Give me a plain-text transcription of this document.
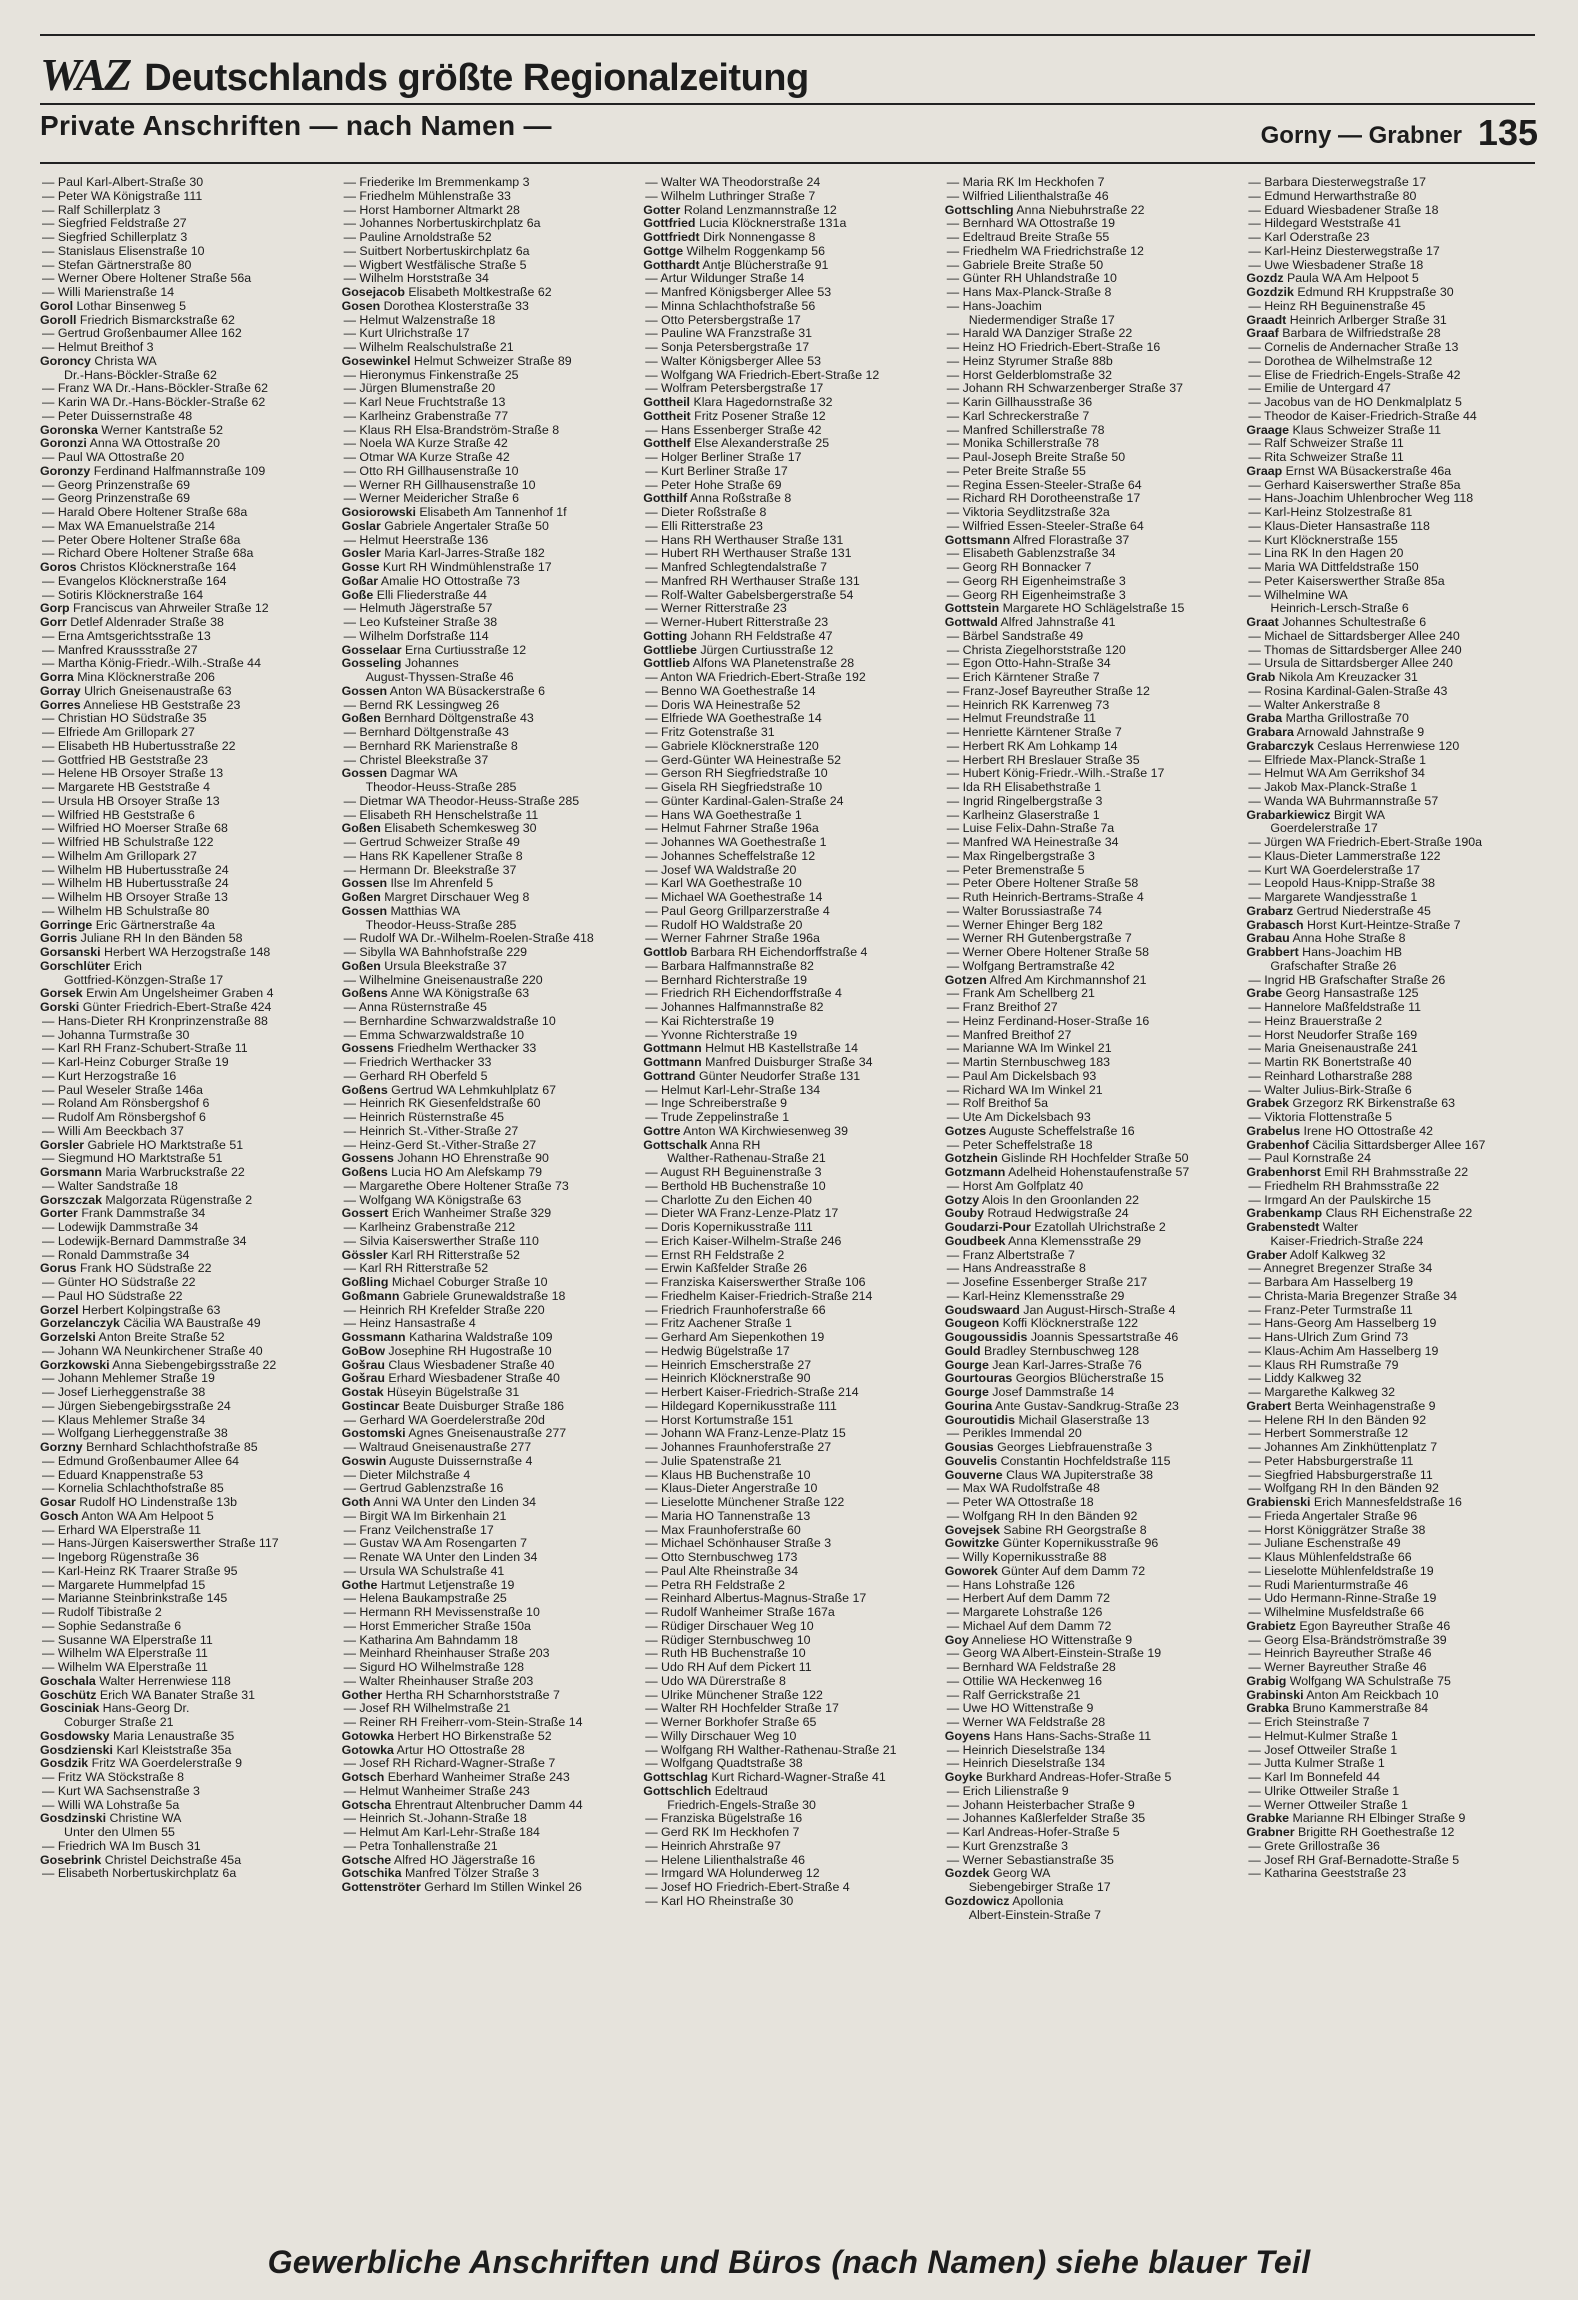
WAZ Deutschlands größte Regionalzeitung
Private Anschriften — nach Namen —	Gorny — Grabner 135
— Paul Karl-Albert-Straße 30
— Peter WA Königstraße 111
— Ralf Schillerplatz 3
— Siegfried Feldstraße 27
— Siegfried Schillerplatz 3
— Stanislaus Elisenstraße 10
— Stefan Gärtnerstraße 80
— Werner Obere Holtener Straße 56a
— Willi Marienstraße 14
Gorol Lothar Binsenweg 5
Goroll Friedrich Bismarckstraße 62
— Gertrud Großenbaumer Allee 162
— Helmut Breithof 3
Goroncy Christa WA
Dr.-Hans-Böckler-Straße 62
— Franz WA Dr.-Hans-Böckler-Straße 62
— Karin WA Dr.-Hans-Böckler-Straße 62
— Peter Duissernstraße 48
Goronska Werner Kantstraße 52
Goronzi Anna WA Ottostraße 20
— Paul WA Ottostraße 20
Goronzy Ferdinand Halfmannstraße 109
— Georg Prinzenstraße 69
— Georg Prinzenstraße 69
— Harald Obere Holtener Straße 68a
— Max WA Emanuelstraße 214
— Peter Obere Holtener Straße 68a
— Richard Obere Holtener Straße 68a
Goros Christos Klöcknerstraße 164
— Evangelos Klöcknerstraße 164
— Sotiris Klöcknerstraße 164
Gorp Franciscus van Ahrweiler Straße 12
Gorr Detlef Aldenrader Straße 38
— Erna Amtsgerichtsstraße 13
— Manfred Kraussstraße 27
— Martha König-Friedr.-Wilh.-Straße 44
Gorra Mina Klöcknerstraße 206
Gorray Ulrich Gneisenaustraße 63
Gorres Anneliese HB Geststraße 23
— Christian HO Südstraße 35
— Elfriede Am Grillopark 27
— Elisabeth HB Hubertusstraße 22
— Gottfried HB Geststraße 23
— Helene HB Orsoyer Straße 13
— Margarete HB Geststraße 4
— Ursula HB Orsoyer Straße 13
— Wilfried HB Geststraße 6
— Wilfried HO Moerser Straße 68
— Wilfried HB Schulstraße 122
— Wilhelm Am Grillopark 27
— Wilhelm HB Hubertusstraße 24
— Wilhelm HB Hubertusstraße 24
— Wilhelm HB Orsoyer Straße 13
— Wilhelm HB Schulstraße 80
Gorringe Eric Gärtnerstraße 4a
Gorris Juliane RH In den Bänden 58
Gorsanski Herbert WA Herzogstraße 148
Gorschlüter Erich
Gottfried-Könzgen-Straße 17
Gorsek Erwin Am Ungelsheimer Graben 4
Gorski Günter Friedrich-Ebert-Straße 424
— Hans-Dieter RH Kronprinzenstraße 88
— Johanna Turmstraße 30
— Karl RH Franz-Schubert-Straße 11
— Karl-Heinz Coburger Straße 19
— Kurt Herzogstraße 16
— Paul Weseler Straße 146a
— Roland Am Rönsbergshof 6
— Rudolf Am Rönsbergshof 6
— Willi Am Beeckbach 37
Gorsler Gabriele HO Marktstraße 51
— Siegmund HO Marktstraße 51
Gorsmann Maria Warbruckstraße 22
— Walter Sandstraße 18
Gorszczak Malgorzata Rügenstraße 2
Gorter Frank Dammstraße 34
— Lodewijk Dammstraße 34
— Lodewijk-Bernard Dammstraße 34
— Ronald Dammstraße 34
Gorus Frank HO Südstraße 22
— Günter HO Südstraße 22
— Paul HO Südstraße 22
Gorzel Herbert Kolpingstraße 63
Gorzelanczyk Cäcilia WA Baustraße 49
Gorzelski Anton Breite Straße 52
— Johann WA Neunkirchener Straße 40
Gorzkowski Anna Siebengebirgsstraße 22
— Johann Mehlemer Straße 19
— Josef Lierheggenstraße 38
— Jürgen Siebengebirgsstraße 24
— Klaus Mehlemer Straße 34
— Wolfgang Lierheggenstraße 38
Gorzny Bernhard Schlachthofstraße 85
— Edmund Großenbaumer Allee 64
— Eduard Knappenstraße 53
— Kornelia Schlachthofstraße 85
Gosar Rudolf HO Lindenstraße 13b
Gosch Anton WA Am Helpoot 5
— Erhard WA Elperstraße 11
— Hans-Jürgen Kaiserswerther Straße 117
— Ingeborg Rügenstraße 36
— Karl-Heinz RK Traarer Straße 95
— Margarete Hummelpfad 15
— Marianne Steinbrinkstraße 145
— Rudolf Tibistraße 2
— Sophie Sedanstraße 6
— Susanne WA Elperstraße 11
— Wilhelm WA Elperstraße 11
— Wilhelm WA Elperstraße 11
Goschala Walter Herrenwiese 118
Goschütz Erich WA Banater Straße 31
Gosciniak Hans-Georg Dr.
Coburger Straße 21
Gosdowsky Maria Lenaustraße 35
Gosdzienski Karl Kleiststraße 35a
Gosdzik Fritz WA Goerdelerstraße 9
— Fritz WA Stöckstraße 8
— Kurt WA Sachsenstraße 3
— Willi WA Lohstraße 5a
Gosdzinski Christine WA
Unter den Ulmen 55
— Friedrich WA Im Busch 31
Gosebrink Christel Deichstraße 45a
— Elisabeth Norbertuskirchplatz 6a
— Friederike Im Bremmenkamp 3
— Friedhelm Mühlenstraße 33
— Horst Hamborner Altmarkt 28
— Johannes Norbertuskirchplatz 6a
— Pauline Arnoldstraße 52
— Suitbert Norbertuskirchplatz 6a
— Wigbert Westfälische Straße 5
— Wilhelm Horststraße 34
Gosejacob Elisabeth Moltkestraße 62
Gosen Dorothea Klosterstraße 33
— Helmut Walzenstraße 18
— Kurt Ulrichstraße 17
— Wilhelm Realschulstraße 21
Gosewinkel Helmut Schweizer Straße 89
— Hieronymus Finkenstraße 25
— Jürgen Blumenstraße 20
— Karl Neue Fruchtstraße 13
— Karlheinz Grabenstraße 77
— Klaus RH Elsa-Brandström-Straße 8
— Noela WA Kurze Straße 42
— Otmar WA Kurze Straße 42
— Otto RH Gillhausenstraße 10
— Werner RH Gillhausenstraße 10
— Werner Meidericher Straße 6
Gosiorowski Elisabeth Am Tannenhof 1f
Goslar Gabriele Angertaler Straße 50
— Helmut Heerstraße 136
Gosler Maria Karl-Jarres-Straße 182
Gosse Kurt RH Windmühlenstraße 17
Goßar Amalie HO Ottostraße 73
Goße Elli Fliederstraße 44
— Helmuth Jägerstraße 57
— Leo Kufsteiner Straße 38
— Wilhelm Dorfstraße 114
Gosselaar Erna Curtiusstraße 12
Gosseling Johannes
August-Thyssen-Straße 46
Gossen Anton WA Büsackerstraße 6
— Bernd RK Lessingweg 26
Goßen Bernhard Döltgenstraße 43
— Bernhard Döltgenstraße 43
— Bernhard RK Marienstraße 8
— Christel Bleekstraße 37
Gossen Dagmar WA
Theodor-Heuss-Straße 285
— Dietmar WA Theodor-Heuss-Straße 285
— Elisabeth RH Henschelstraße 11
Goßen Elisabeth Schemkesweg 30
— Gertrud Schweizer Straße 49
— Hans RK Kapellener Straße 8
— Hermann Dr. Bleekstraße 37
Gossen Ilse Im Ahrenfeld 5
Goßen Margret Dirschauer Weg 8
Gossen Matthias WA
Theodor-Heuss-Straße 285
— Rudolf WA Dr.-Wilhelm-Roelen-Straße 418
— Sibylla WA Bahnhofstraße 229
Goßen Ursula Bleekstraße 37
— Wilhelmine Gneisenaustraße 220
Goßens Anne WA Königstraße 63
— Anna Rüsternstraße 45
— Bernhardine Schwarzwaldstraße 10
— Emma Schwarzwaldstraße 10
Gossens Friedhelm Werthacker 33
— Friedrich Werthacker 33
— Gerhard RH Oberfeld 5
Goßens Gertrud WA Lehmkuhlplatz 67
— Heinrich RK Giesenfeldstraße 60
— Heinrich Rüsternstraße 45
— Heinrich St.-Vither-Straße 27
— Heinz-Gerd St.-Vither-Straße 27
Gossens Johann HO Ehrenstraße 90
Goßens Lucia HO Am Alefskamp 79
— Margarethe Obere Holtener Straße 73
— Wolfgang WA Königstraße 63
Gossert Erich Wanheimer Straße 329
— Karlheinz Grabenstraße 212
— Silvia Kaiserswerther Straße 110
Gössler Karl RH Ritterstraße 52
— Karl RH Ritterstraße 52
Goßling Michael Coburger Straße 10
Goßmann Gabriele Grunewaldstraße 18
— Heinrich RH Krefelder Straße 220
— Heinz Hansastraße 4
Gossmann Katharina Waldstraße 109
GoBow Josephine RH Hugostraße 10
Gošrau Claus Wiesbadener Straße 40
Gošrau Erhard Wiesbadener Straße 40
Gostak Hüseyin Bügelstraße 31
Gostincar Beate Duisburger Straße 186
— Gerhard WA Goerdelerstraße 20d
Gostomski Agnes Gneisenaustraße 277
— Waltraud Gneisenaustraße 277
Goswin Auguste Duissernstraße 4
— Dieter Milchstraße 4
— Gertrud Gablenzstraße 16
Goth Anni WA Unter den Linden 34
— Birgit WA Im Birkenhain 21
— Franz Veilchenstraße 17
— Gustav WA Am Rosengarten 7
— Renate WA Unter den Linden 34
— Ursula WA Schulstraße 41
Gothe Hartmut Letjenstraße 19
— Helena Baukampstraße 25
— Hermann RH Mevissenstraße 10
— Horst Emmericher Straße 150a
— Katharina Am Bahndamm 18
— Meinhard Rheinhauser Straße 203
— Sigurd HO Wilhelmstraße 128
— Walter Rheinhauser Straße 203
Gother Hertha RH Scharnhorststraße 7
— Josef RH Wilhelmstraße 21
— Reiner RH Freiherr-vom-Stein-Straße 14
Gotowka Herbert HO Birkenstraße 52
Gotowka Artur HO Ottostraße 28
— Josef RH Richard-Wagner-Straße 7
Gotsch Eberhard Wanheimer Straße 243
— Helmut Wanheimer Straße 243
Gotscha Ehrentraut Altenbrucher Damm 44
— Heinrich St.-Johann-Straße 18
— Helmut Am Karl-Lehr-Straße 184
— Petra Tonhallenstraße 21
Gotsche Alfred HO Jägerstraße 16
Gotschika Manfred Tölzer Straße 3
Gottenströter Gerhard Im Stillen Winkel 26
— Walter WA Theodorstraße 24
— Wilhelm Luthringer Straße 7
Gotter Roland Lenzmannstraße 12
Gottfried Lucia Klöcknerstraße 131a
Gottfriedt Dirk Nonnengasse 8
Gottge Wilhelm Roggenkamp 56
Gotthardt Antje Blücherstraße 91
— Artur Wildunger Straße 14
— Manfred Königsberger Allee 53
— Minna Schlachthofstraße 56
— Otto Petersbergstraße 17
— Pauline WA Franzstraße 31
— Sonja Petersbergstraße 17
— Walter Königsberger Allee 53
— Wolfgang WA Friedrich-Ebert-Straße 12
— Wolfram Petersbergstraße 17
Gottheil Klara Hagedornstraße 32
Gottheit Fritz Posener Straße 12
— Hans Essenberger Straße 42
Gotthelf Else Alexanderstraße 25
— Holger Berliner Straße 17
— Kurt Berliner Straße 17
— Peter Hohe Straße 69
Gotthilf Anna Roßstraße 8
— Dieter Roßstraße 8
— Elli Ritterstraße 23
— Hans RH Werthauser Straße 131
— Hubert RH Werthauser Straße 131
— Manfred Schlegtendalstraße 7
— Manfred RH Werthauser Straße 131
— Rolf-Walter Gabelsbergerstraße 54
— Werner Ritterstraße 23
— Werner-Hubert Ritterstraße 23
Gotting Johann RH Feldstraße 47
Gottliebe Jürgen Curtiusstraße 12
Gottlieb Alfons WA Planetenstraße 28
— Anton WA Friedrich-Ebert-Straße 192
— Benno WA Goethestraße 14
— Doris WA Heinestraße 52
— Elfriede WA Goethestraße 14
— Fritz Gotenstraße 31
— Gabriele Klöcknerstraße 120
— Gerd-Günter WA Heinestraße 52
— Gerson RH Siegfriedstraße 10
— Gisela RH Siegfriedstraße 10
— Günter Kardinal-Galen-Straße 24
— Hans WA Goethestraße 1
— Helmut Fahrner Straße 196a
— Johannes WA Goethestraße 1
— Johannes Scheffelstraße 12
— Josef WA Waldstraße 20
— Karl WA Goethestraße 10
— Michael WA Goethestraße 14
— Paul Georg Grillparzerstraße 4
— Rudolf HO Waldstraße 20
— Werner Fahrner Straße 196a
Gottlob Barbara RH Eichendorffstraße 4
— Barbara Halfmannstraße 82
— Bernhard Richterstraße 19
— Friedrich RH Eichendorffstraße 4
— Johannes Halfmannstraße 82
— Kai Richterstraße 19
— Yvonne Richterstraße 19
Gottmann Helmut HB Kastellstraße 14
Gottmann Manfred Duisburger Straße 34
Gottrand Günter Neudorfer Straße 131
— Helmut Karl-Lehr-Straße 134
— Inge Schreiberstraße 9
— Trude Zeppelinstraße 1
Gottre Anton WA Kirchwiesenweg 39
Gottschalk Anna RH
Walther-Rathenau-Straße 21
— August RH Beguinenstraße 3
— Berthold HB Buchenstraße 10
— Charlotte Zu den Eichen 40
— Dieter WA Franz-Lenze-Platz 17
— Doris Kopernikusstraße 111
— Erich Kaiser-Wilhelm-Straße 246
— Ernst RH Feldstraße 2
— Erwin Kaßfelder Straße 26
— Franziska Kaiserswerther Straße 106
— Friedhelm Kaiser-Friedrich-Straße 214
— Friedrich Fraunhoferstraße 66
— Fritz Aachener Straße 1
— Gerhard Am Siepenkothen 19
— Hedwig Bügelstraße 17
— Heinrich Emscherstraße 27
— Heinrich Klöcknerstraße 90
— Herbert Kaiser-Friedrich-Straße 214
— Hildegard Kopernikusstraße 111
— Horst Kortumstraße 151
— Johann WA Franz-Lenze-Platz 15
— Johannes Fraunhoferstraße 27
— Julie Spatenstraße 21
— Klaus HB Buchenstraße 10
— Klaus-Dieter Angerstraße 10
— Lieselotte Münchener Straße 122
— Maria HO Tannenstraße 13
— Max Fraunhoferstraße 60
— Michael Schönhauser Straße 3
— Otto Sternbuschweg 173
— Paul Alte Rheinstraße 34
— Petra RH Feldstraße 2
— Reinhard Albertus-Magnus-Straße 17
— Rudolf Wanheimer Straße 167a
— Rüdiger Dirschauer Weg 10
— Rüdiger Sternbuschweg 10
— Ruth HB Buchenstraße 10
— Udo RH Auf dem Pickert 11
— Udo WA Dürerstraße 8
— Ulrike Münchener Straße 122
— Walter RH Hochfelder Straße 17
— Werner Borkhofer Straße 65
— Willy Dirschauer Weg 10
— Wolfgang RH Walther-Rathenau-Straße 21
— Wolfgang Quadtstraße 38
Gottschlag Kurt Richard-Wagner-Straße 41
Gottschlich Edeltraud
Friedrich-Engels-Straße 30
— Franziska Bügelstraße 16
— Gerd RK Im Heckhofen 7
— Heinrich Ahrstraße 97
— Helene Lilienthalstraße 46
— Irmgard WA Holunderweg 12
— Josef HO Friedrich-Ebert-Straße 4
— Karl HO Rheinstraße 30
— Maria RK Im Heckhofen 7
— Wilfried Lilienthalstraße 46
Gottschling Anna Niebuhrstraße 22
— Bernhard WA Ottostraße 19
— Edeltraud Breite Straße 55
— Friedhelm WA Friedrichstraße 12
— Gabriele Breite Straße 50
— Günter RH Uhlandstraße 10
— Hans Max-Planck-Straße 8
— Hans-Joachim
Niedermendiger Straße 17
— Harald WA Danziger Straße 22
— Heinz HO Friedrich-Ebert-Straße 16
— Heinz Styrumer Straße 88b
— Horst Gelderblomstraße 32
— Johann RH Schwarzenberger Straße 37
— Karin Gillhausstraße 36
— Karl Schreckerstraße 7
— Manfred Schillerstraße 78
— Monika Schillerstraße 78
— Paul-Joseph Breite Straße 50
— Peter Breite Straße 55
— Regina Essen-Steeler-Straße 64
— Richard RH Dorotheenstraße 17
— Viktoria Seydlitzstraße 32a
— Wilfried Essen-Steeler-Straße 64
Gottsmann Alfred Florastraße 37
— Elisabeth Gablenzstraße 34
— Georg RH Bonnacker 7
— Georg RH Eigenheimstraße 3
— Georg RH Eigenheimstraße 3
Gottstein Margarete HO Schlägelstraße 15
Gottwald Alfred Jahnstraße 41
— Bärbel Sandstraße 49
— Christa Ziegelhorststraße 120
— Egon Otto-Hahn-Straße 34
— Erich Kärntener Straße 7
— Franz-Josef Bayreuther Straße 12
— Heinrich RK Karrenweg 73
— Helmut Freundstraße 11
— Henriette Kärntener Straße 7
— Herbert RK Am Lohkamp 14
— Herbert RH Breslauer Straße 35
— Hubert König-Friedr.-Wilh.-Straße 17
— Ida RH Elisabethstraße 1
— Ingrid Ringelbergstraße 3
— Karlheinz Glaserstraße 1
— Luise Felix-Dahn-Straße 7a
— Manfred WA Heinestraße 34
— Max Ringelbergstraße 3
— Peter Bremenstraße 5
— Peter Obere Holtener Straße 58
— Ruth Heinrich-Bertrams-Straße 4
— Walter Borussiastraße 74
— Werner Ehinger Berg 182
— Werner RH Gutenbergstraße 7
— Werner Obere Holtener Straße 58
— Wolfgang Bertramstraße 42
Gotzen Alfred Am Kirchmannshof 21
— Frank Am Schellberg 21
— Franz Breithof 27
— Heinz Ferdinand-Hoser-Straße 16
— Manfred Breithof 27
— Marianne WA Im Winkel 21
— Martin Sternbuschweg 183
— Paul Am Dickelsbach 93
— Richard WA Im Winkel 21
— Rolf Breithof 5a
— Ute Am Dickelsbach 93
Gotzes Auguste Scheffelstraße 16
— Peter Scheffelstraße 18
Gotzhein Gislinde RH Hochfelder Straße 50
Gotzmann Adelheid Hohenstaufenstraße 57
— Horst Am Golfplatz 40
Gotzy Alois In den Groonlanden 22
Gouby Rotraud Hedwigstraße 24
Goudarzi-Pour Ezatollah Ulrichstraße 2
Goudbeek Anna Klemensstraße 29
— Franz Albertstraße 7
— Hans Andreasstraße 8
— Josefine Essenberger Straße 217
— Karl-Heinz Klemensstraße 29
Goudswaard Jan August-Hirsch-Straße 4
Gougeon Koffi Klöcknerstraße 122
Gougoussidis Joannis Spessartstraße 46
Gould Bradley Sternbuschweg 128
Gourge Jean Karl-Jarres-Straße 76
Gourtouras Georgios Blücherstraße 15
Gourge Josef Dammstraße 14
Gourina Ante Gustav-Sandkrug-Straße 23
Gouroutidis Michail Glaserstraße 13
— Perikles Immendal 20
Gousias Georges Liebfrauenstraße 3
Gouvelis Constantin Hochfeldstraße 115
Gouverne Claus WA Jupiterstraße 38
— Max WA Rudolfstraße 48
— Peter WA Ottostraße 18
— Wolfgang RH In den Bänden 92
Govejsek Sabine RH Georgstraße 8
Gowitzke Günter Kopernikusstraße 96
— Willy Kopernikusstraße 88
Goworek Günter Auf dem Damm 72
— Hans Lohstraße 126
— Herbert Auf dem Damm 72
— Margarete Lohstraße 126
— Michael Auf dem Damm 72
Goy Anneliese HO Wittenstraße 9
— Georg WA Albert-Einstein-Straße 19
— Bernhard WA Feldstraße 28
— Ottilie WA Heckenweg 16
— Ralf Gerrickstraße 21
— Uwe HO Wittenstraße 9
— Werner WA Feldstraße 28
Goyens Hans Hans-Sachs-Straße 11
— Heinrich Dieselstraße 134
— Heinrich Dieselstraße 134
Goyke Burkhard Andreas-Hofer-Straße 5
— Erich Lilienstraße 9
— Johann Heisterbacher Straße 9
— Johannes Kaßlerfelder Straße 35
— Karl Andreas-Hofer-Straße 5
— Kurt Grenzstraße 3
— Werner Sebastianstraße 35
Gozdek Georg WA
Siebengebirger Straße 17
Gozdowicz Apollonia
Albert-Einstein-Straße 7
— Barbara Diesterwegstraße 17
— Edmund Herwarthstraße 80
— Eduard Wiesbadener Straße 18
— Hildegard Weststraße 41
— Karl Oderstraße 23
— Karl-Heinz Diesterwegstraße 17
— Uwe Wiesbadener Straße 18
Gozdz Paula WA Am Helpoot 5
Gozdzik Edmund RH Kruppstraße 30
— Heinz RH Beguinenstraße 45
Graadt Heinrich Arlberger Straße 31
Graaf Barbara de Wilfriedstraße 28
— Cornelis de Andernacher Straße 13
— Dorothea de Wilhelmstraße 12
— Elise de Friedrich-Engels-Straße 42
— Emilie de Untergard 47
— Jacobus van de HO Denkmalplatz 5
— Theodor de Kaiser-Friedrich-Straße 44
Graage Klaus Schweizer Straße 11
— Ralf Schweizer Straße 11
— Rita Schweizer Straße 11
Graap Ernst WA Büsackerstraße 46a
— Gerhard Kaiserswerther Straße 85a
— Hans-Joachim Uhlenbrocher Weg 118
— Karl-Heinz Stolzestraße 81
— Klaus-Dieter Hansastraße 118
— Kurt Klöcknerstraße 155
— Lina RK In den Hagen 20
— Maria WA Dittfeldstraße 150
— Peter Kaiserswerther Straße 85a
— Wilhelmine WA
Heinrich-Lersch-Straße 6
Graat Johannes Schultestraße 6
— Michael de Sittardsberger Allee 240
— Thomas de Sittardsberger Allee 240
— Ursula de Sittardsberger Allee 240
Grab Nikola Am Kreuzacker 31
— Rosina Kardinal-Galen-Straße 43
— Walter Ankerstraße 8
Graba Martha Grillostraße 70
Grabara Arnowald Jahnstraße 9
Grabarczyk Ceslaus Herrenwiese 120
— Elfriede Max-Planck-Straße 1
— Helmut WA Am Gerrikshof 34
— Jakob Max-Planck-Straße 1
— Wanda WA Buhrmannstraße 57
Grabarkiewicz Birgit WA
Goerdelerstraße 17
— Jürgen WA Friedrich-Ebert-Straße 190a
— Klaus-Dieter Lammerstraße 122
— Kurt WA Goerdelerstraße 17
— Leopold Haus-Knipp-Straße 38
— Margarete Wandjesstraße 1
Grabarz Gertrud Niederstraße 45
Grabasch Horst Kurt-Heintze-Straße 7
Grabau Anna Hohe Straße 8
Grabbert Hans-Joachim HB
Grafschafter Straße 26
— Ingrid HB Grafschafter Straße 26
Grabe Georg Hansastraße 125
— Hannelore Maßfeldstraße 11
— Heinz Brauerstraße 2
— Horst Neudorfer Straße 169
— Maria Gneisenaustraße 241
— Martin RK Bonertstraße 40
— Reinhard Lotharstraße 288
— Walter Julius-Birk-Straße 6
Grabek Grzegorz RK Birkenstraße 63
— Viktoria Flottenstraße 5
Grabelus Irene HO Ottostraße 42
Grabenhof Cäcilia Sittardsberger Allee 167
— Paul Kornstraße 24
Grabenhorst Emil RH Brahmsstraße 22
— Friedhelm RH Brahmsstraße 22
— Irmgard An der Paulskirche 15
Grabenkamp Claus RH Eichenstraße 22
Grabenstedt Walter
Kaiser-Friedrich-Straße 224
Graber Adolf Kalkweg 32
— Annegret Bregenzer Straße 34
— Barbara Am Hasselberg 19
— Christa-Maria Bregenzer Straße 34
— Franz-Peter Turmstraße 11
— Hans-Georg Am Hasselberg 19
— Hans-Ulrich Zum Grind 73
— Klaus-Achim Am Hasselberg 19
— Klaus RH Rumstraße 79
— Liddy Kalkweg 32
— Margarethe Kalkweg 32
Grabert Berta Weinhagenstraße 9
— Helene RH In den Bänden 92
— Herbert Sommerstraße 12
— Johannes Am Zinkhüttenplatz 7
— Peter Habsburgerstraße 11
— Siegfried Habsburgerstraße 11
— Wolfgang RH In den Bänden 92
Grabienski Erich Mannesfeldstraße 16
— Frieda Angertaler Straße 96
— Horst Königgrätzer Straße 38
— Juliane Eschenstraße 49
— Klaus Mühlenfeldstraße 66
— Lieselotte Mühlenfeldstraße 19
— Rudi Marienturmstraße 46
— Udo Hermann-Rinne-Straße 19
— Wilhelmine Musfeldstraße 66
Grabietz Egon Bayreuther Straße 46
— Georg Elsa-Brändströmstraße 39
— Heinrich Bayreuther Straße 46
— Werner Bayreuther Straße 46
Grabig Wolfgang WA Schulstraße 75
Grabinski Anton Am Reickbach 10
Grabka Bruno Kammerstraße 84
— Erich Steinstraße 7
— Helmut-Kulmer Straße 1
— Josef Ottweiler Straße 1
— Jutta Kulmer Straße 1
— Karl Im Bonnefeld 44
— Ulrike Ottweiler Straße 1
— Werner Ottweiler Straße 1
Grabke Marianne RH Elbinger Straße 9
Grabner Brigitte RH Goethestraße 12
— Grete Grillostraße 36
— Josef RH Graf-Bernadotte-Straße 5
— Katharina Geeststraße 23
Gewerbliche Anschriften und Büros (nach Namen) siehe blauer Teil
